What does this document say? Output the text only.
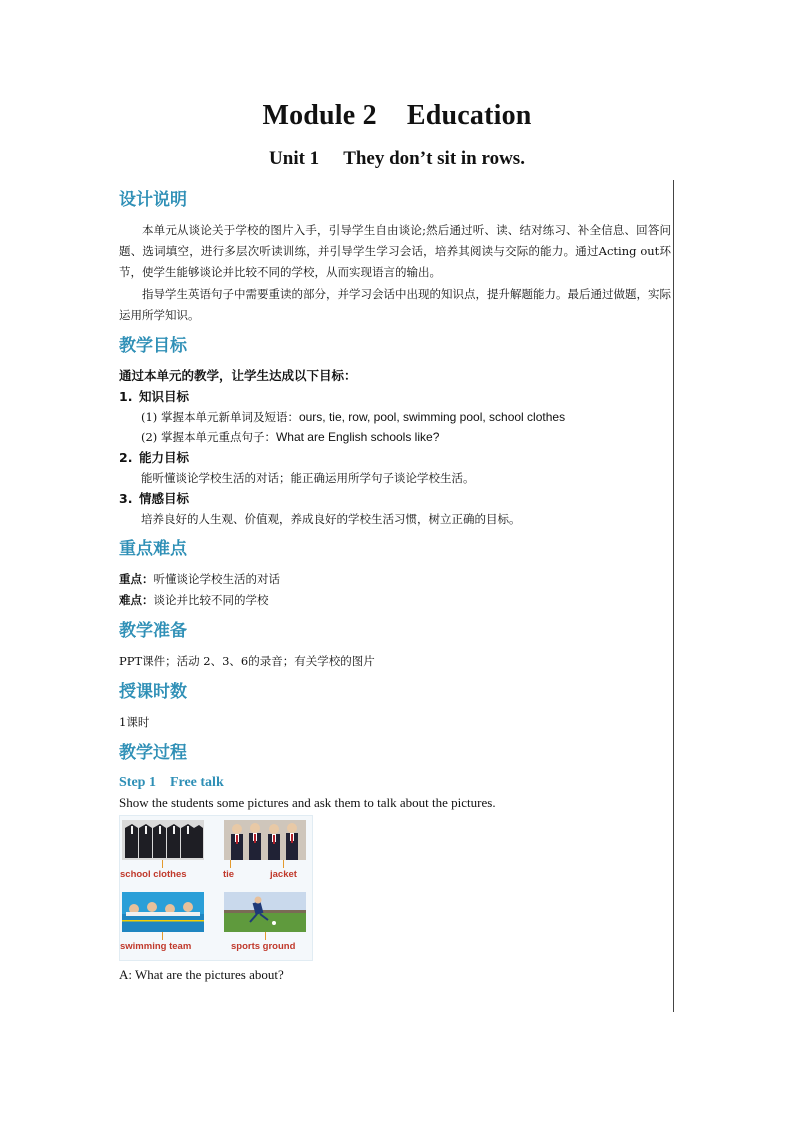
Module 2 Education
Unit 1 They don’t sit in rows.
设计说明

本单元从谈论关于学校的图片入手，引导学生自由谈论;然后通过听、读、结对练习、补全信息、回答问题、选词填空，进行多层次听读训练，并引导学生学习会话，培养其阅读与交际的能力。通过Acting out环节，使学生能够谈论并比较不同的学校，从而实现语言的输出。

指导学生英语句子中需要重读的部分，并学习会话中出现的知识点，提升解题能力。最后通过做题，实际运用所学知识。

教学目标
通过本单元的教学，让学生达成以下目标：
1. 知识目标
(1) 掌握本单元新单词及短语：ours, tie, row, pool, swimming pool, school clothes
(2) 掌握本单元重点句子：What are English schools like?
2. 能力目标
能听懂谈论学校生活的对话；能正确运用所学句子谈论学校生活。
3. 情感目标
培养良好的人生观、价值观，养成良好的学校生活习惯，树立正确的目标。
重点难点
重点：听懂谈论学校生活的对话
难点：谈论并比较不同的学校
教学准备
PPT课件；活动 2、3、6的录音；有关学校的图片
授课时数
1课时
教学过程
Step 1 Free talk
Show the students some pictures and ask them to talk about the pictures.
school clothes	tie	jacket
swimming team	sports ground
A: What are the pictures about?
